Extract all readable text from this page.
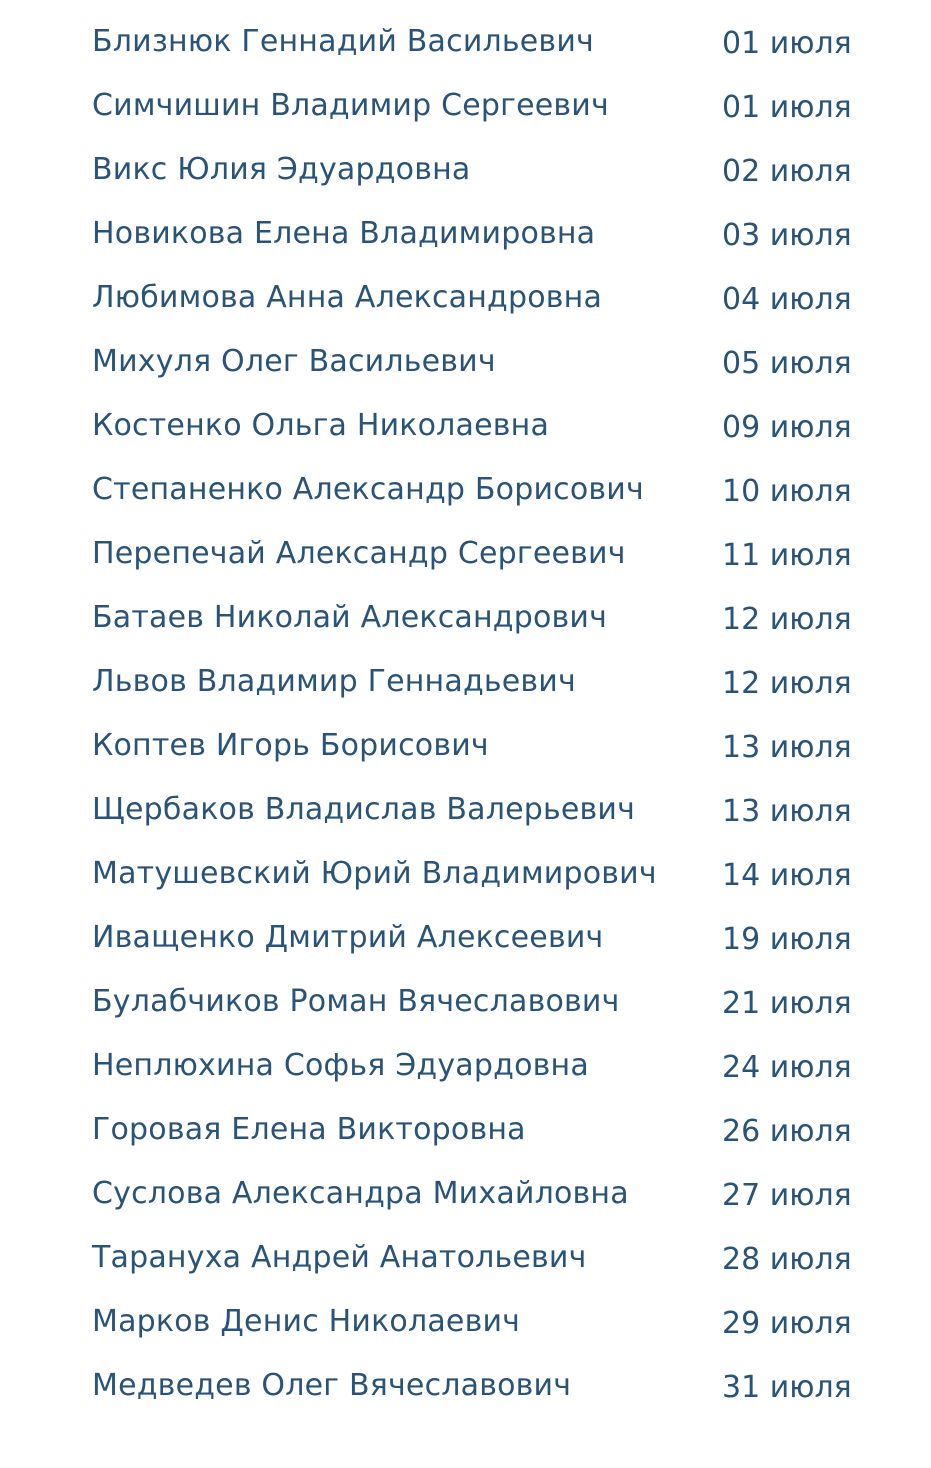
Близнюк Геннадий Васильевич	01 июля
Симчишин Владимир Сергеевич	01 июля
Викс Юлия Эдуардовна	02 июля
Новикова Елена Владимировна	03 июля
Любимова Анна Александровна	04 июля
Михуля Олег Васильевич	05 июля
Костенко Ольга Николаевна	09 июля
Степаненко Александр Борисович	10 июля
Перепечай Александр Сергеевич	11 июля
Батаев Николай Александрович	12 июля
Львов Владимир Геннадьевич	12 июля
Коптев Игорь Борисович	13 июля
Щербаков Владислав Валерьевич	13 июля
Матушевский Юрий Владимирович 14 июля
Иващенко Дмитрий Алексеевич	19 июля
Булабчиков Роман Вячеславович	21 июля
Неплюхина Софья Эдуардовна	24 июля
Горовая Елена Викторовна	26 июля
Суслова Александра Михайловна	27 июля
Тарануха Андрей Анатольевич	28 июля
Марков Денис Николаевич	29 июля
Медведев Олег Вячеславович	31 июля
